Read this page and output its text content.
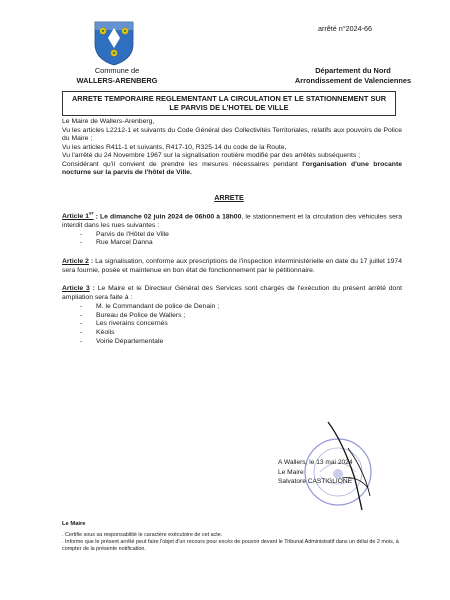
arrêté n°2024-66
Commune de
WALLERS-ARENBERG
Département du Nord
Arrondissement de Valenciennes
ARRETE TEMPORAIRE REGLEMENTANT LA CIRCULATION ET LE STATIONNEMENT SUR LE PARVIS DE L'HOTEL DE VILLE

Le Maire de Wallers-Arenberg,

Vu les articles L2212-1 et suivants du Code Général des Collectivités Territoriales, relatifs aux pouvoirs de Police du Maire ;

Vu les articles R411-1 et suivants, R417-10, R325-14 du code de la Route,

Vu l'arrêté du 24 Novembre 1967 sur la signalisation routière modifié par des arrêtés subséquents ;

Considérant qu'il convient de prendre les mesures nécessaires pendant l'organisation d'une brocante nocturne sur la parvis de l'hôtel de Ville.

ARRETE

Article 1er : Le dimanche 02 juin 2024 de 06h00 à 18h00, le stationnement et la circulation des véhicules sera interdit dans les rues suivantes :

- Parvis de l'Hôtel de Ville
- Rue Marcel Danna

Article 2 : La signalisation, conforme aux prescriptions de l'inspection interministérielle en date du 17 juillet 1974 sera fournie, posée et maintenue en bon état de fonctionnement par le pétitionnaire.

Article 3 : Le Maire et le Directeur Général des Services sont chargés de l'exécution du présent arrêté dont ampliation sera faite à :

- M. le Commandant de police de Denain ;
- Bureau de Police de Wallers ;
- Les riverains concernés
- Kéolis
- Voirie Départementale
A Wallers, le 13 mai 2024
Le Maire
Salvatore CASTIGLIONE
Le Maire
. Certifie sous sa responsabilité le caractère exécutoire de cet acte.
. Informe que le présent arrêté peut faire l'objet d'un recours pour excès de pouvoir devant le Tribunal Administratif dans un délai de 2 mois, à compter de la présente notification.
